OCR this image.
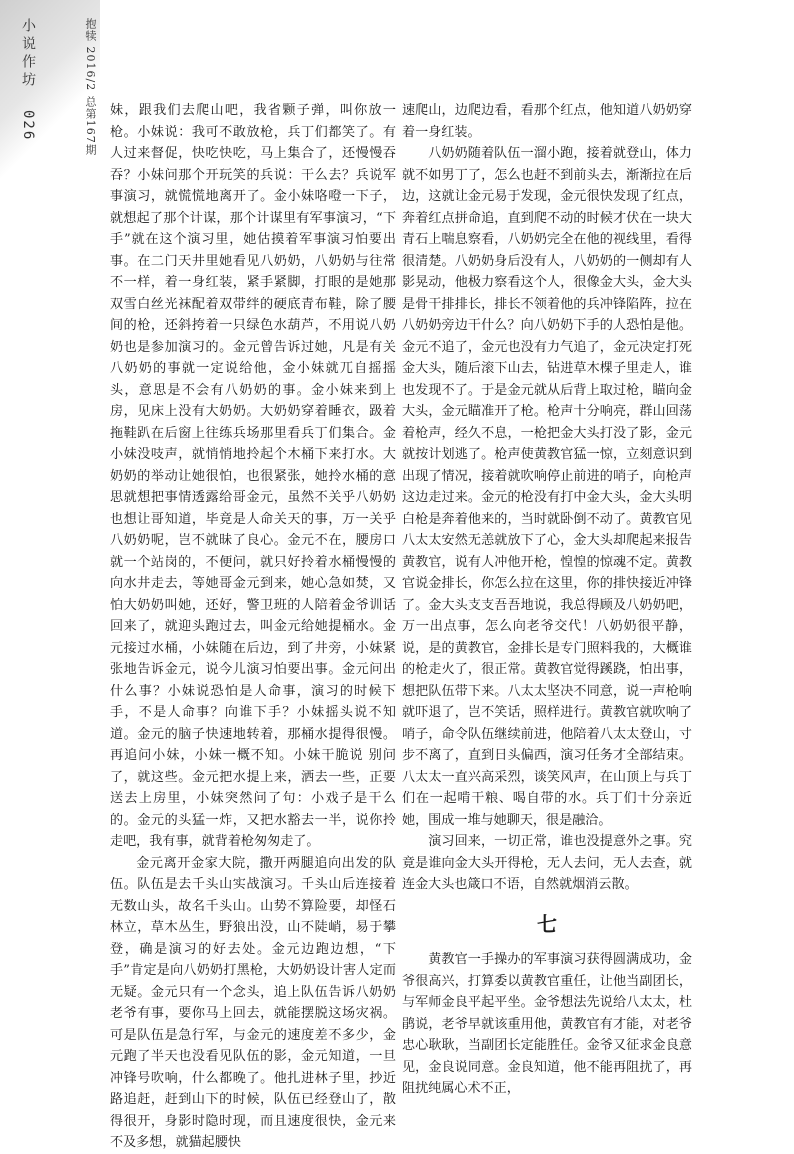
小说作坊 026
抱犊 2016/2 总第167期 妹，跟我们去爬山吧，我省颗子弹，叫你放一枪。小妹说：我可不敢放枪，兵丁们都笑了。有人过来督促，快吃快吃，马上集合了，还慢慢吞吞？小妹问那个开玩笑的兵说：干么去？兵说军事演习，就慌慌地离开了。金小妹咯噔一下子，就想起了那个计谋，那个计谋里有军事演习，“下手”就在这个演习里，她估摸着军事演习怕要出事。在二门天井里她看见八奶奶，八奶奶与往常不一样，着一身红装，紧手紧脚，打眼的是她那双雪白丝光袜配着双带绊的硬底青布鞋，除了腰间的枪，还斜挎着一只绿色水葫芦，不用说八奶奶也是参加演习的。金元曾告诉过她，凡是有关八奶奶的事就一定说给他，金小妹就兀自摇摇头，意思是不会有八奶奶的事。金小妹来到上房，见床上没有大奶奶。大奶奶穿着睡衣，趿着拖鞋趴在后窗上往练兵场那里看兵丁们集合。金小妹没吱声，就悄悄地拎起个木桶下来打水。大奶奶的举动让她很怕，也很紧张，她拎水桶的意思就想把事情透露给哥金元，虽然不关乎八奶奶也想让哥知道，毕竟是人命关天的事，万一关乎八奶奶呢，岂不就昧了良心。金元不在，腰房口就一个站岗的，不便问，就只好拎着水桶慢慢的向水井走去，等她哥金元到来，她心急如焚，又怕大奶奶叫她，还好，警卫班的人陪着金爷训话回来了，就迎头跑过去，叫金元给她提桶水。金元接过水桶，小妹随在后边，到了井旁，小妹紧张地告诉金元，说今儿演习怕要出事。金元问出什么事？小妹说恐怕是人命事，演习的时候下手，不是人命事？向谁下手？小妹摇头说不知道。金元的脑子快速地转着，那桶水提得很慢。再追问小妹，小妹一概不知。小妹干脆说 别问了，就这些。金元把水提上来，洒去一些，正要送去上房里，小妹突然问了句：小戏子是干么的。金元的头猛一炸，又把水豁去一半，说你拎走吧，我有事，就背着枪匆匆走了。

金元离开金家大院，撒开两腿追向出发的队伍。队伍是去千头山实战演习。千头山后连接着无数山头，故名千头山。山势不算险要，却怪石林立，草木丛生，野狼出没，山不陡峭，易于攀登，确是演习的好去处。金元边跑边想，“下手”肯定是向八奶奶打黑枪，大奶奶设计害人定而无疑。金元只有一个念头，追上队伍告诉八奶奶老爷有事，要你马上回去，就能摆脱这场灾祸。可是队伍是急行军，与金元的速度差不多少，金元跑了半天也没看见队伍的影，金元知道，一旦冲锋号吹响，什么都晚了。他扎进林子里，抄近路追赶，赶到山下的时候，队伍已经登山了，散得很开，身影时隐时现，而且速度很快，金元来不及多想，就猫起腰快

速爬山，边爬边看，看那个红点，他知道八奶奶穿着一身红装。

八奶奶随着队伍一溜小跑，接着就登山，体力就不如男丁了，怎么也赶不到前头去，渐渐拉在后边，这就让金元易于发现，金元很快发现了红点，奔着红点拼命追，直到爬不动的时候才伏在一块大青石上喘息察看，八奶奶完全在他的视线里，看得很清楚。八奶奶身后没有人，八奶奶的一侧却有人影晃动，他极力察看这个人，很像金大头，金大头是骨干排排长，排长不领着他的兵冲锋陷阵，拉在八奶奶旁边干什么？向八奶奶下手的人恐怕是他。金元不追了，金元也没有力气追了，金元决定打死金大头，随后滚下山去，钻进草木棵子里走人，谁也发现不了。于是金元就从后背上取过枪，瞄向金大头，金元瞄准开了枪。枪声十分响亮，群山回荡着枪声，经久不息，一枪把金大头打没了影，金元就按计划逃了。枪声使黄教官猛一惊，立刻意识到出现了情况，接着就吹响停止前进的哨子，向枪声这边走过来。金元的枪没有打中金大头，金大头明白枪是奔着他来的，当时就卧倒不动了。黄教官见八太太安然无恙就放下了心，金大头却爬起来报告黄教官，说有人冲他开枪，惶惶的惊魂不定。黄教官说金排长，你怎么拉在这里，你的排快接近冲锋了。金大头支支吾吾地说，我总得顾及八奶奶吧，万一出点事，怎么向老爷交代！八奶奶很平静，说，是的黄教官，金排长是专门照料我的，大概谁的枪走火了，很正常。黄教官觉得蹊跷，怕出事，想把队伍带下来。八太太坚决不同意，说一声枪响就吓退了，岂不笑话，照样进行。黄教官就吹响了哨子，命令队伍继续前进，他陪着八太太登山，寸步不离了，直到日头偏西，演习任务才全部结束。八太太一直兴高采烈，谈笑风声，在山顶上与兵丁们在一起啃干粮、喝自带的水。兵丁们十分亲近她，围成一堆与她聊天，很是融洽。

演习回来，一切正常，谁也没提意外之事。究竟是谁向金大头开得枪，无人去问，无人去查，就连金大头也箴口不语，自然就烟消云散。

七

黄教官一手操办的军事演习获得圆满成功，金爷很高兴，打算委以黄教官重任，让他当副团长，与军师金良平起平坐。金爷想法先说给八太太，杜鹃说，老爷早就该重用他，黄教官有才能，对老爷忠心耿耿，当副团长定能胜任。金爷又征求金良意见，金良说同意。金良知道，他不能再阻扰了，再阻扰纯属心术不正，
